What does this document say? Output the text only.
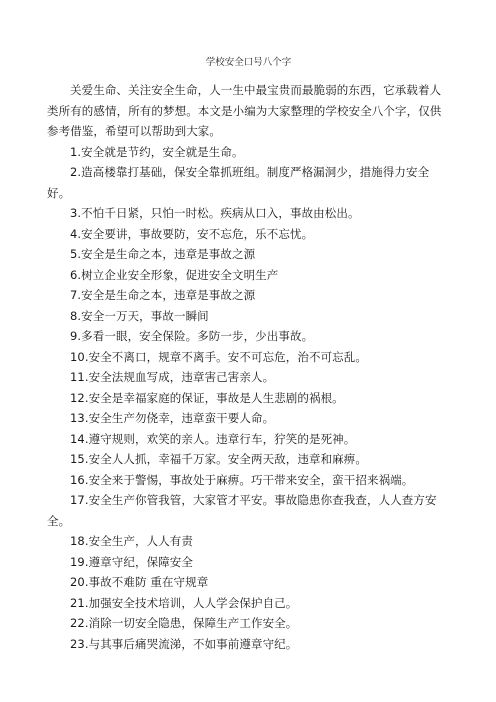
学校安全口号八个字

关爱生命、关注安全生命，人一生中最宝贵而最脆弱的东西，它承载着人类所有的感情，所有的梦想。本文是小编为大家整理的学校安全八个字，仅供参考借鉴，希望可以帮助到大家。

1.安全就是节约，安全就是生命。

2.造高楼靠打基础，保安全靠抓班组。制度严格漏洞少，措施得力安全好。

3.不怕千日紧，只怕一时松。疾病从口入，事故由松出。

4.安全要讲，事故要防，安不忘危，乐不忘忧。

5.安全是生命之本，违章是事故之源

6.树立企业安全形象，促进安全文明生产

7.安全是生命之本，违章是事故之源

8.安全一万天，事故一瞬间

9.多看一眼，安全保险。多防一步，少出事故。

10.安全不离口，规章不离手。安不可忘危，治不可忘乱。

11.安全法规血写成，违章害己害亲人。

12.安全是幸福家庭的保证，事故是人生悲剧的祸根。

13.安全生产勿侥幸，违章蛮干要人命。

14.遵守规则，欢笑的亲人。违章行车，狞笑的是死神。

15.安全人人抓，幸福千万家。安全两天敌，违章和麻痹。

16.安全来于警惕，事故处于麻痹。巧干带来安全，蛮干招来祸端。

17.安全生产你管我管，大家管才平安。事故隐患你查我查，人人查方安全。

18.安全生产，人人有责

19.遵章守纪，保障安全

20.事故不难防 重在守规章

21.加强安全技术培训，人人学会保护自己。

22.消除一切安全隐患，保障生产工作安全。

23.与其事后痛哭流涕，不如事前遵章守纪。
